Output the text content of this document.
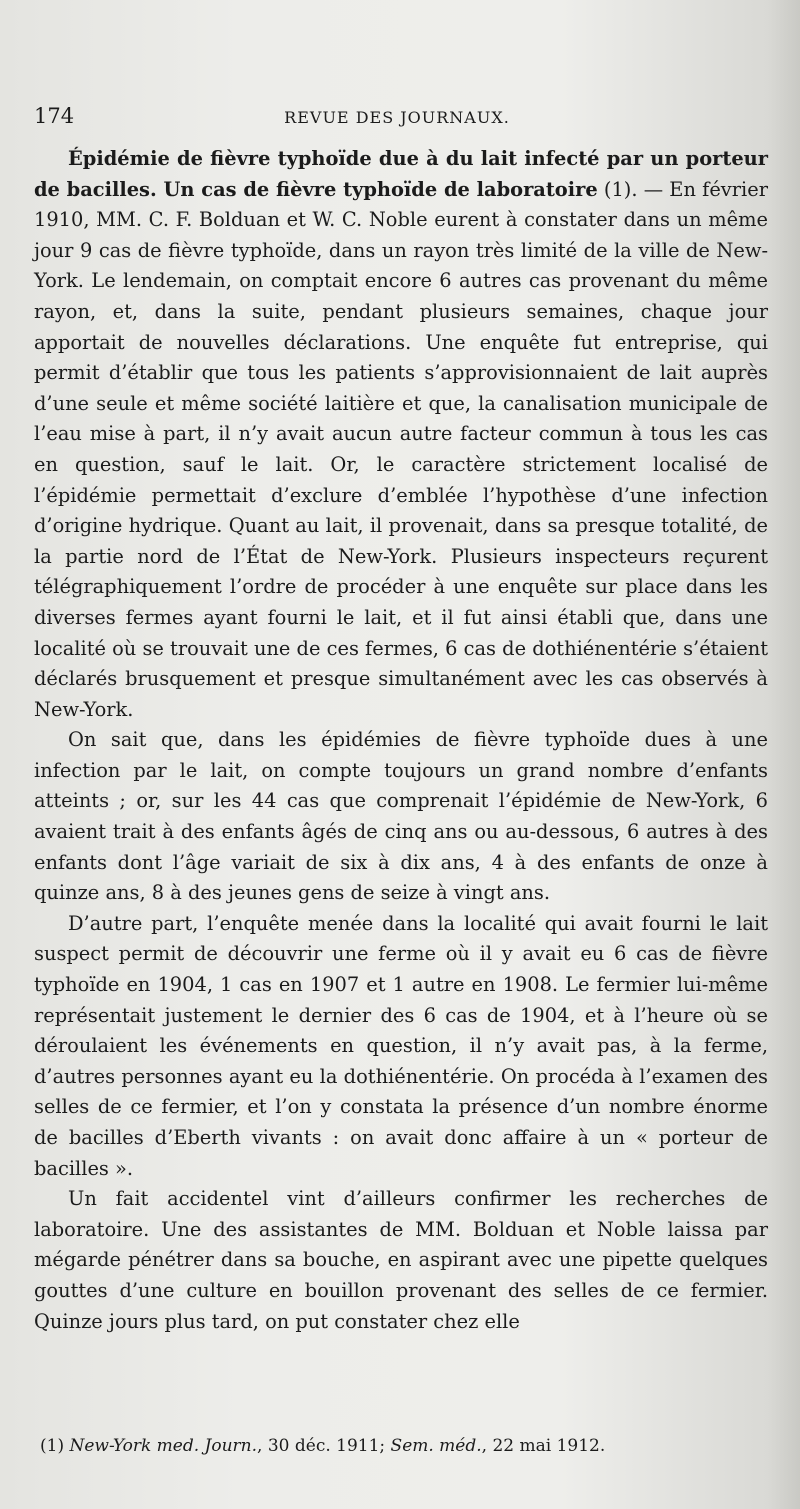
174	REVUE DES JOURNAUX.

Épidémie de fièvre typhoïde due à du lait infecté par un porteur de bacilles. Un cas de fièvre typhoïde de laboratoire (1). — En février 1910, MM. C. F. Bolduan et W. C. Noble eurent à constater dans un même jour 9 cas de fièvre typhoïde, dans un rayon très limité de la ville de New-York. Le lendemain, on comptait encore 6 autres cas provenant du même rayon, et, dans la suite, pendant plusieurs semaines, chaque jour apportait de nouvelles déclarations. Une enquête fut entreprise, qui permit d’établir que tous les patients s’approvisionnaient de lait auprès d’une seule et même société laitière et que, la canalisation municipale de l’eau mise à part, il n’y avait aucun autre facteur commun à tous les cas en question, sauf le lait. Or, le caractère strictement localisé de l’épidémie permettait d’exclure d’emblée l’hypothèse d’une infection d’origine hydrique. Quant au lait, il provenait, dans sa presque totalité, de la partie nord de l’État de New-York. Plusieurs inspecteurs reçurent télégraphiquement l’ordre de procéder à une enquête sur place dans les diverses fermes ayant fourni le lait, et il fut ainsi établi que, dans une localité où se trouvait une de ces fermes, 6 cas de dothiénentérie s’étaient déclarés brusquement et presque simultanément avec les cas observés à New-York.

On sait que, dans les épidémies de fièvre typhoïde dues à une infection par le lait, on compte toujours un grand nombre d’enfants atteints ; or, sur les 44 cas que comprenait l’épidémie de New-York, 6 avaient trait à des enfants âgés de cinq ans ou au-dessous, 6 autres à des enfants dont l’âge variait de six à dix ans, 4 à des enfants de onze à quinze ans, 8 à des jeunes gens de seize à vingt ans.

D’autre part, l’enquête menée dans la localité qui avait fourni le lait suspect permit de découvrir une ferme où il y avait eu 6 cas de fièvre typhoïde en 1904, 1 cas en 1907 et 1 autre en 1908. Le fermier lui-même représentait justement le dernier des 6 cas de 1904, et à l’heure où se déroulaient les événements en question, il n’y avait pas, à la ferme, d’autres personnes ayant eu la dothiénentérie. On procéda à l’examen des selles de ce fermier, et l’on y constata la présence d’un nombre énorme de bacilles d’Eberth vivants : on avait donc affaire à un « porteur de bacilles ».

Un fait accidentel vint d’ailleurs confirmer les recherches de laboratoire. Une des assistantes de MM. Bolduan et Noble laissa par mégarde pénétrer dans sa bouche, en aspirant avec une pipette quelques gouttes d’une culture en bouillon provenant des selles de ce fermier. Quinze jours plus tard, on put constater chez elle

(1) New-York med. Journ., 30 déc. 1911; Sem. méd., 22 mai 1912.
